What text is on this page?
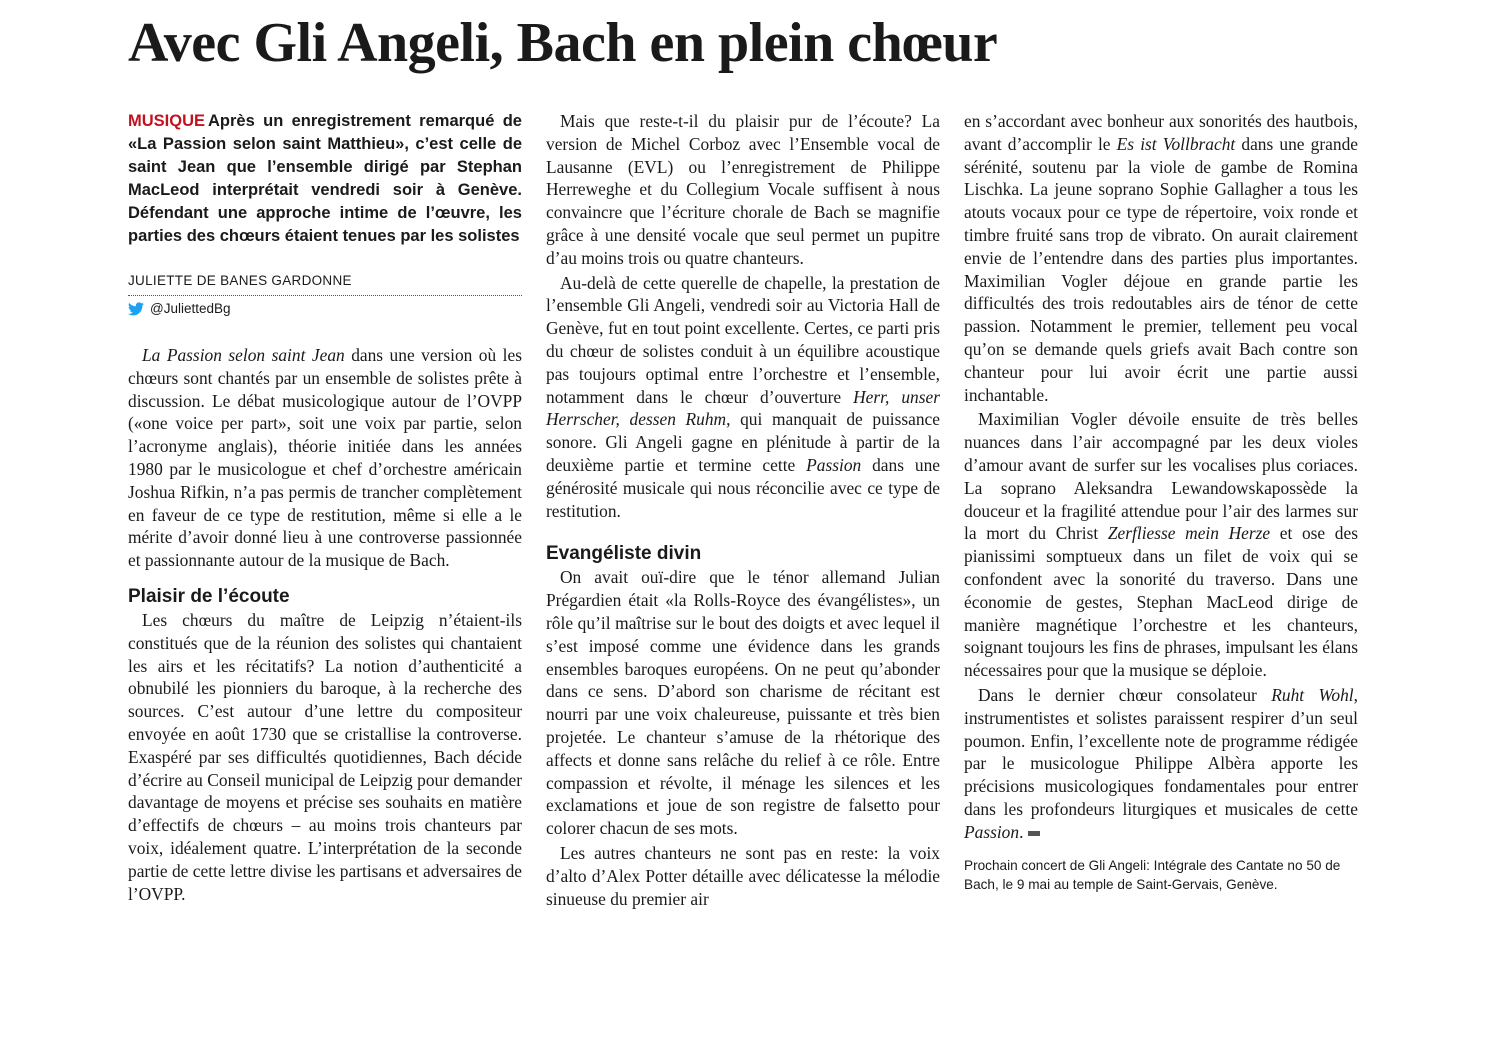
Avec Gli Angeli, Bach en plein chœur

MUSIQUE Après un enregistrement remarqué de «La Passion selon saint Matthieu», c’est celle de saint Jean que l’ensemble dirigé par Stephan MacLeod interprétait vendredi soir à Genève. Défendant une approche intime de l’œuvre, les parties des chœurs étaient tenues par les solistes

JULIETTE DE BANES GARDONNE
@JuliettedBg

La Passion selon saint Jean dans une version où les chœurs sont chantés par un ensemble de solistes prête à discussion. Le débat musicologique autour de l’OVPP («one voice per part», soit une voix par partie, selon l’acronyme anglais), théorie initiée dans les années 1980 par le musicologue et chef d’orchestre américain Joshua Rifkin, n’a pas permis de trancher complètement en faveur de ce type de restitution, même si elle a le mérite d’avoir donné lieu à une controverse passionnée et passionnante autour de la musique de Bach.

Plaisir de l’écoute

Les chœurs du maître de Leipzig n’étaient-ils constitués que de la réunion des solistes qui chantaient les airs et les récitatifs? La notion d’authenticité a obnubilé les pionniers du baroque, à la recherche des sources. C’est autour d’une lettre du compositeur envoyée en août 1730 que se cristallise la controverse. Exaspéré par ses difficultés quotidiennes, Bach décide d’écrire au Conseil municipal de Leipzig pour demander davantage de moyens et précise ses souhaits en matière d’effectifs de chœurs – au moins trois chanteurs par voix, idéalement quatre. L’interprétation de la seconde partie de cette lettre divise les partisans et adversaires de l’OVPP.

Mais que reste-t-il du plaisir pur de l’écoute? La version de Michel Corboz avec l’Ensemble vocal de Lausanne (EVL) ou l’enregistrement de Philippe Herreweghe et du Collegium Vocale suffisent à nous convaincre que l’écriture chorale de Bach se magnifie grâce à une densité vocale que seul permet un pupitre d’au moins trois ou quatre chanteurs.

Au-delà de cette querelle de chapelle, la prestation de l’ensemble Gli Angeli, vendredi soir au Victoria Hall de Genève, fut en tout point excellente. Certes, ce parti pris du chœur de solistes conduit à un équilibre acoustique pas toujours optimal entre l’orchestre et l’ensemble, notamment dans le chœur d’ouverture Herr, unser Herrscher, dessen Ruhm, qui manquait de puissance sonore. Gli Angeli gagne en plénitude à partir de la deuxième partie et termine cette Passion dans une générosité musicale qui nous réconcilie avec ce type de restitution.

Evangéliste divin

On avait ouï-dire que le ténor allemand Julian Prégardien était «la Rolls-Royce des évangélistes», un rôle qu’il maîtrise sur le bout des doigts et avec lequel il s’est imposé comme une évidence dans les grands ensembles baroques européens. On ne peut qu’abonder dans ce sens. D’abord son charisme de récitant est nourri par une voix chaleureuse, puissante et très bien projetée. Le chanteur s’amuse de la rhétorique des affects et donne sans relâche du relief à ce rôle. Entre compassion et révolte, il ménage les silences et les exclamations et joue de son registre de falsetto pour colorer chacun de ses mots.

Les autres chanteurs ne sont pas en reste: la voix d’alto d’Alex Potter détaille avec délicatesse la mélodie sinueuse du premier air

en s’accordant avec bonheur aux sonorités des hautbois, avant d’accomplir le Es ist Vollbracht dans une grande sérénité, soutenu par la viole de gambe de Romina Lischka. La jeune soprano Sophie Gallagher a tous les atouts vocaux pour ce type de répertoire, voix ronde et timbre fruité sans trop de vibrato. On aurait clairement envie de l’entendre dans des parties plus importantes. Maximilian Vogler déjoue en grande partie les difficultés des trois redoutables airs de ténor de cette passion. Notamment le premier, tellement peu vocal qu’on se demande quels griefs avait Bach contre son chanteur pour lui avoir écrit une partie aussi inchantable.

Maximilian Vogler dévoile ensuite de très belles nuances dans l’air accompagné par les deux violes d’amour avant de surfer sur les vocalises plus coriaces. La soprano Aleksandra Lewandowskapossède la douceur et la fragilité attendue pour l’air des larmes sur la mort du Christ Zerfliesse mein Herze et ose des pianissimi somptueux dans un filet de voix qui se confondent avec la sonorité du traverso. Dans une économie de gestes, Stephan MacLeod dirige de manière magnétique l’orchestre et les chanteurs, soignant toujours les fins de phrases, impulsant les élans nécessaires pour que la musique se déploie.

Dans le dernier chœur consolateur Ruht Wohl, instrumentistes et solistes paraissent respirer d’un seul poumon. Enfin, l’excellente note de programme rédigée par le musicologue Philippe Albèra apporte les précisions musicologiques fondamentales pour entrer dans les profondeurs liturgiques et musicales de cette Passion.

Prochain concert de Gli Angeli: Intégrale des Cantate no 50 de Bach, le 9 mai au temple de Saint-Gervais, Genève.
